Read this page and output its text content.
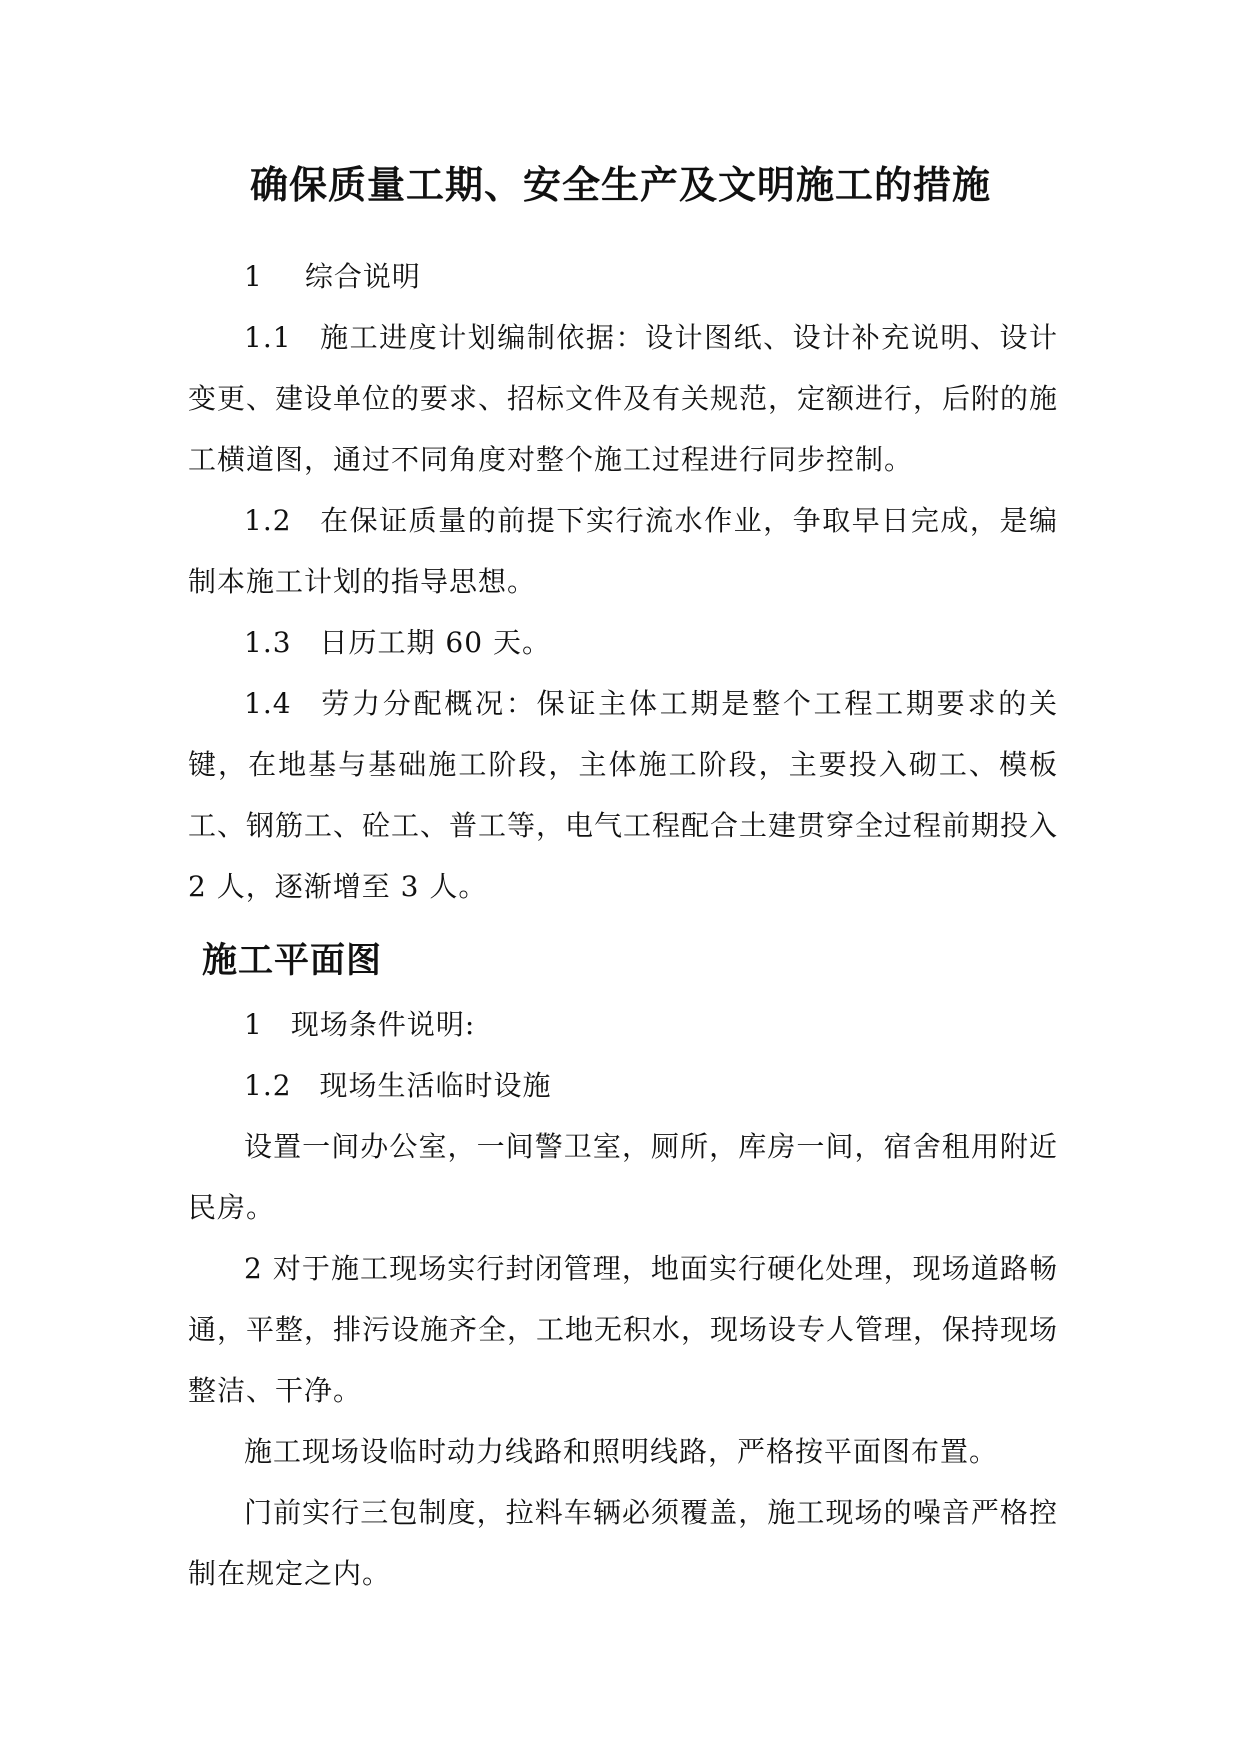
确保质量工期、安全生产及文明施工的措施

1 综合说明

1.1 施工进度计划编制依据：设计图纸、设计补充说明、设计变更、建设单位的要求、招标文件及有关规范，定额进行，后附的施工横道图，通过不同角度对整个施工过程进行同步控制。

1.2 在保证质量的前提下实行流水作业，争取早日完成，是编制本施工计划的指导思想。

1.3 日历工期 60 天。

1.4 劳力分配概况：保证主体工期是整个工程工期要求的关键，在地基与基础施工阶段，主体施工阶段，主要投入砌工、模板工、钢筋工、砼工、普工等，电气工程配合土建贯穿全过程前期投入 2 人，逐渐增至 3 人。

施工平面图

1 现场条件说明:

1.2 现场生活临时设施

设置一间办公室，一间警卫室，厕所，库房一间，宿舍租用附近民房。

2 对于施工现场实行封闭管理，地面实行硬化处理，现场道路畅通，平整，排污设施齐全，工地无积水，现场设专人管理，保持现场整洁、干净。

施工现场设临时动力线路和照明线路，严格按平面图布置。

门前实行三包制度，拉料车辆必须覆盖，施工现场的噪音严格控制在规定之内。
